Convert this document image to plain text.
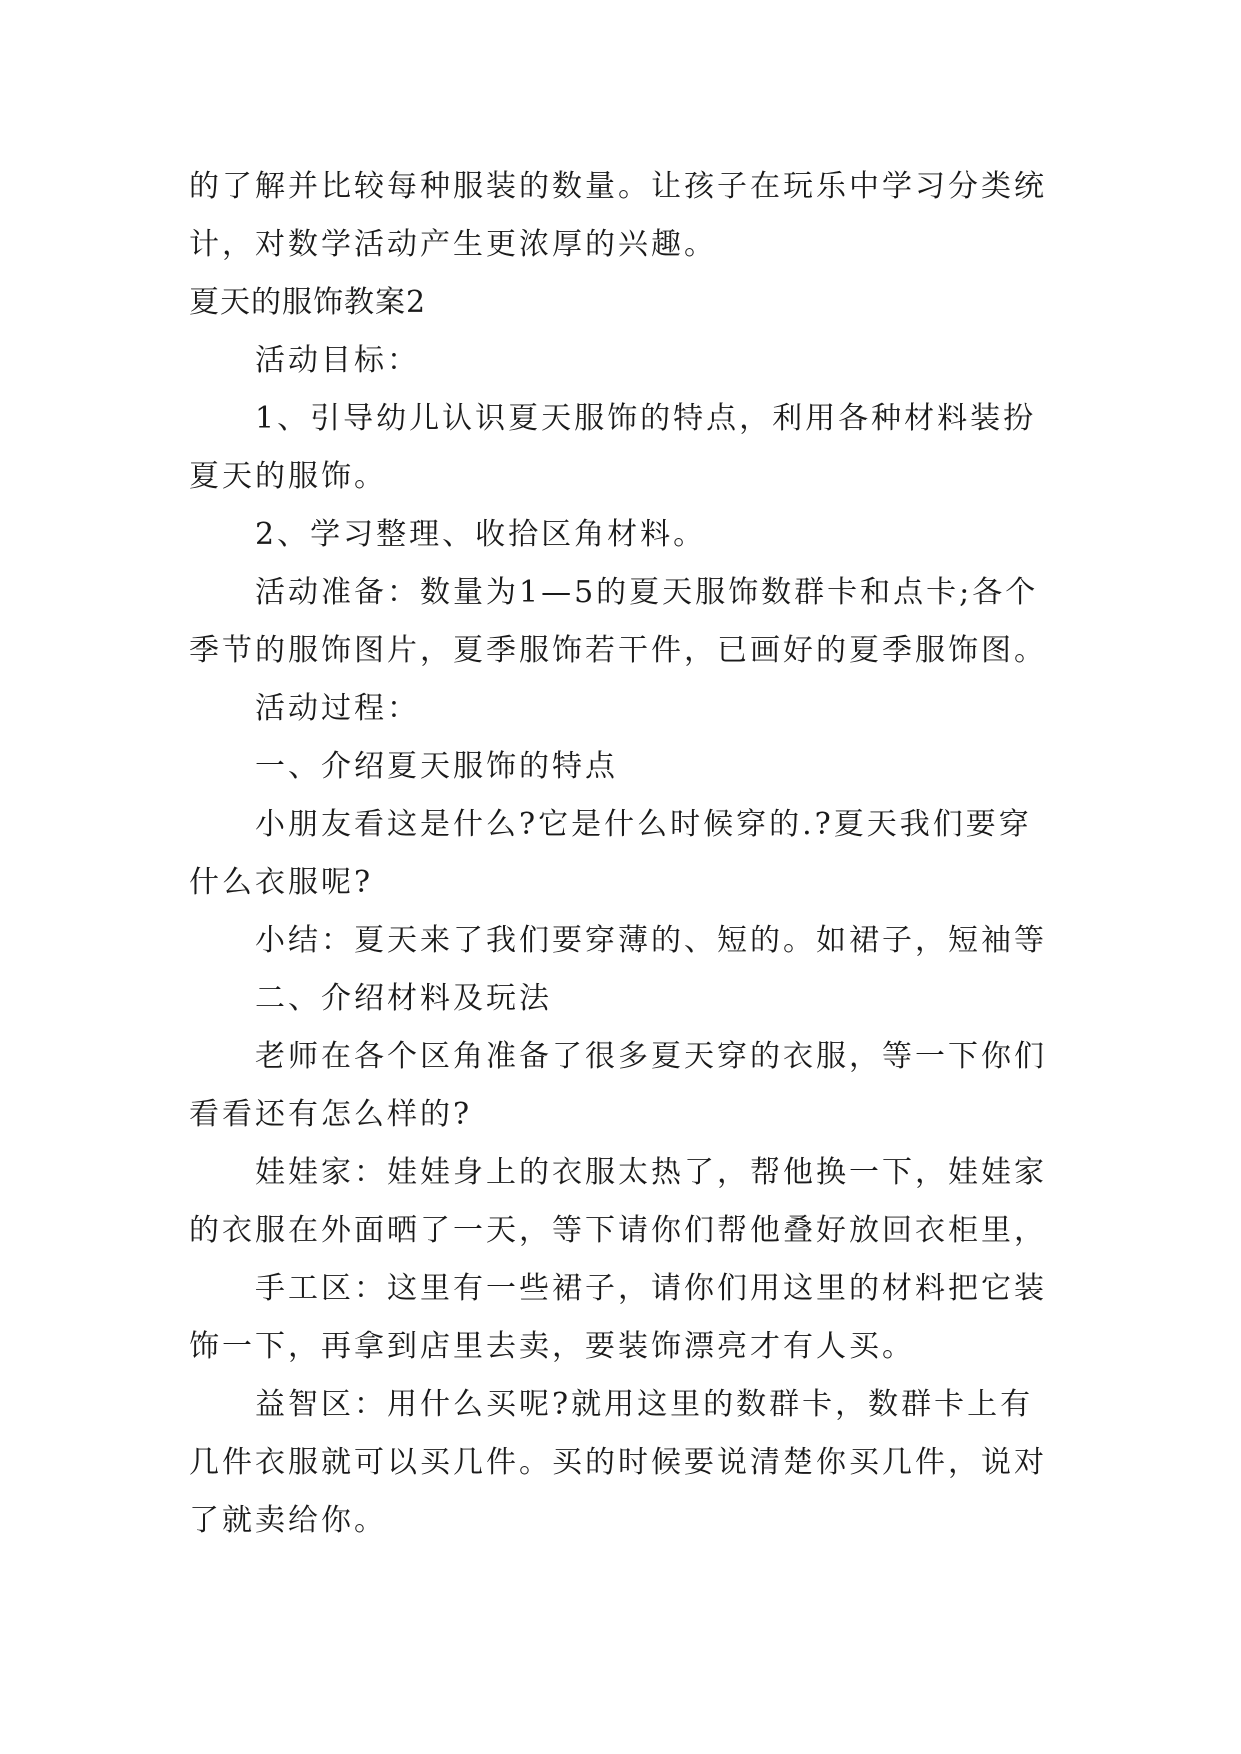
的了解并比较每种服装的数量。让孩子在玩乐中学习分类统
计，对数学活动产生更浓厚的兴趣。
夏天的服饰教案2
活动目标：
1、引导幼儿认识夏天服饰的特点，利用各种材料装扮
夏天的服饰。
2、学习整理、收拾区角材料。
活动准备：数量为1—5的夏天服饰数群卡和点卡;各个
季节的服饰图片，夏季服饰若干件，已画好的夏季服饰图。
活动过程：
一、介绍夏天服饰的特点
小朋友看这是什么?它是什么时候穿的.?夏天我们要穿
什么衣服呢?
小结：夏天来了我们要穿薄的、短的。如裙子，短袖等
二、介绍材料及玩法
老师在各个区角准备了很多夏天穿的衣服，等一下你们
看看还有怎么样的?
娃娃家：娃娃身上的衣服太热了，帮他换一下，娃娃家
的衣服在外面晒了一天，等下请你们帮他叠好放回衣柜里，
手工区：这里有一些裙子，请你们用这里的材料把它装
饰一下，再拿到店里去卖，要装饰漂亮才有人买。
益智区：用什么买呢?就用这里的数群卡，数群卡上有
几件衣服就可以买几件。买的时候要说清楚你买几件，说对
了就卖给你。
